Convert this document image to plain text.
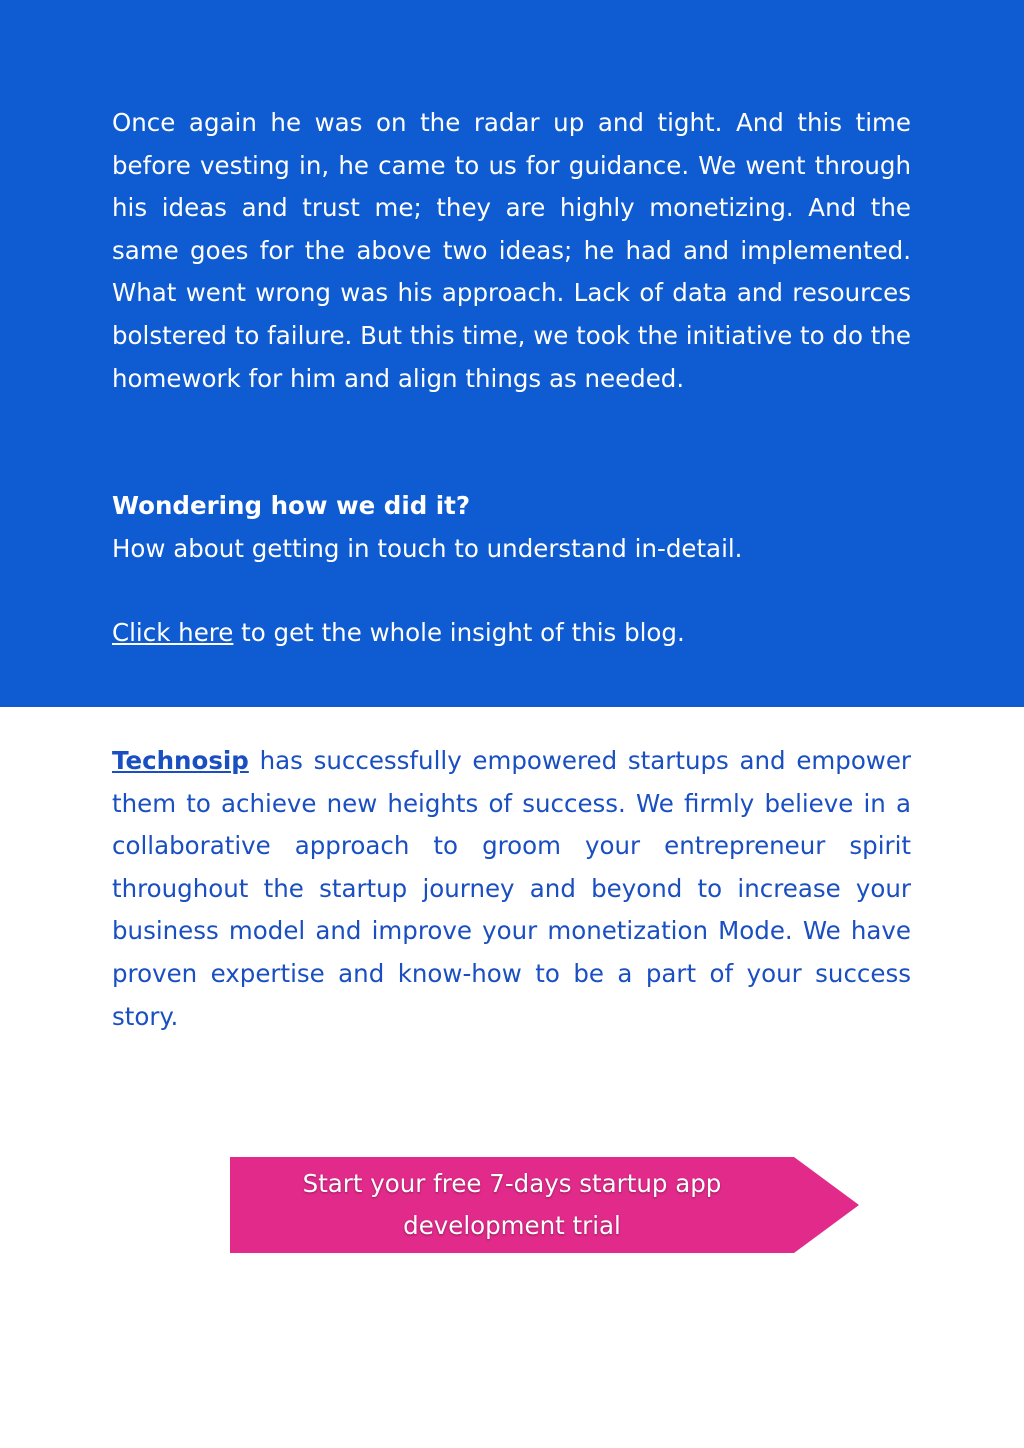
Once again he was on the radar up and tight. And this time before vesting in, he came to us for guidance. We went through his ideas and trust me; they are highly monetizing. And the same goes for the above two ideas; he had and implemented. What went wrong was his approach. Lack of data and resources bolstered to failure. But this time, we took the initiative to do the homework for him and align things as needed.

Wondering how we did it?
How about getting in touch to understand in-detail.

Click here to get the whole insight of this blog.

Technosip has successfully empowered startups and empower them to achieve new heights of success. We firmly believe in a collaborative approach to groom your entrepreneur spirit throughout the startup journey and beyond to increase your business model and improve your monetization Mode. We have proven expertise and know-how to be a part of your success story.

Start your free 7-days startup app
development trial
